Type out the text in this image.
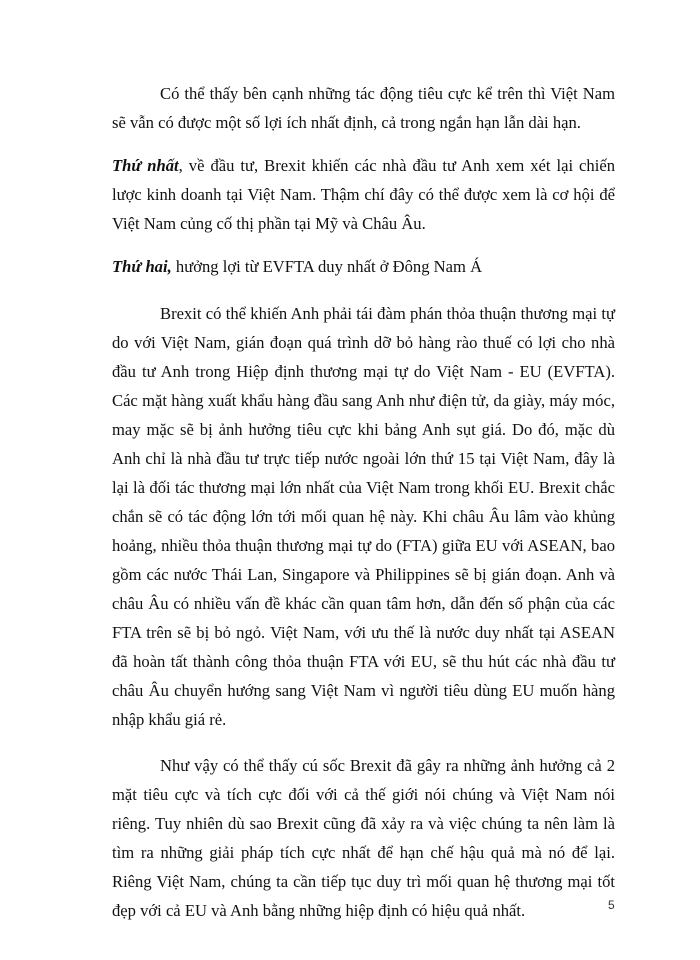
Có thể thấy bên cạnh những tác động tiêu cực kể trên thì Việt Nam sẽ vẫn có được một số lợi ích nhất định, cả trong ngắn hạn lẫn dài hạn.

Thứ nhất, về đầu tư, Brexit khiến các nhà đầu tư Anh xem xét lại chiến lược kinh doanh tại Việt Nam. Thậm chí đây có thể được xem là cơ hội để Việt Nam củng cố thị phần tại Mỹ và Châu Âu.

Thứ hai, hưởng lợi từ EVFTA duy nhất ở Đông Nam Á

Brexit có thể khiến Anh phải tái đàm phán thỏa thuận thương mại tự do với Việt Nam, gián đoạn quá trình dỡ bỏ hàng rào thuế có lợi cho nhà đầu tư Anh trong Hiệp định thương mại tự do Việt Nam - EU (EVFTA). Các mặt hàng xuất khẩu hàng đầu sang Anh như điện tử, da giày, máy móc, may mặc sẽ bị ảnh hưởng tiêu cực khi bảng Anh sụt giá. Do đó, mặc dù Anh chỉ là nhà đầu tư trực tiếp nước ngoài lớn thứ 15 tại Việt Nam, đây là lại là đối tác thương mại lớn nhất của Việt Nam trong khối EU. Brexit chắc chắn sẽ có tác động lớn tới mối quan hệ này. Khi châu Âu lâm vào khủng hoảng, nhiều thỏa thuận thương mại tự do (FTA) giữa EU với ASEAN, bao gồm các nước Thái Lan, Singapore và Philippines sẽ bị gián đoạn. Anh và châu Âu có nhiều vấn đề khác cần quan tâm hơn, dẫn đến số phận của các FTA trên sẽ bị bỏ ngỏ. Việt Nam, với ưu thế là nước duy nhất tại ASEAN đã hoàn tất thành công thỏa thuận FTA với EU, sẽ thu hút các nhà đầu tư châu Âu chuyển hướng sang Việt Nam vì người tiêu dùng EU muốn hàng nhập khẩu giá rẻ.

Như vậy có thể thấy cú sốc Brexit đã gây ra những ảnh hưởng cả 2 mặt tiêu cực và tích cực đối với cả thế giới nói chúng và Việt Nam nói riêng. Tuy nhiên dù sao Brexit cũng đã xảy ra và việc chúng ta nên làm là tìm ra những giải pháp tích cực nhất để hạn chế hậu quả mà nó để lại. Riêng Việt Nam, chúng ta cần tiếp tục duy trì mối quan hệ thương mại tốt đẹp với cả EU và Anh bằng những hiệp định có hiệu quả nhất.	5
